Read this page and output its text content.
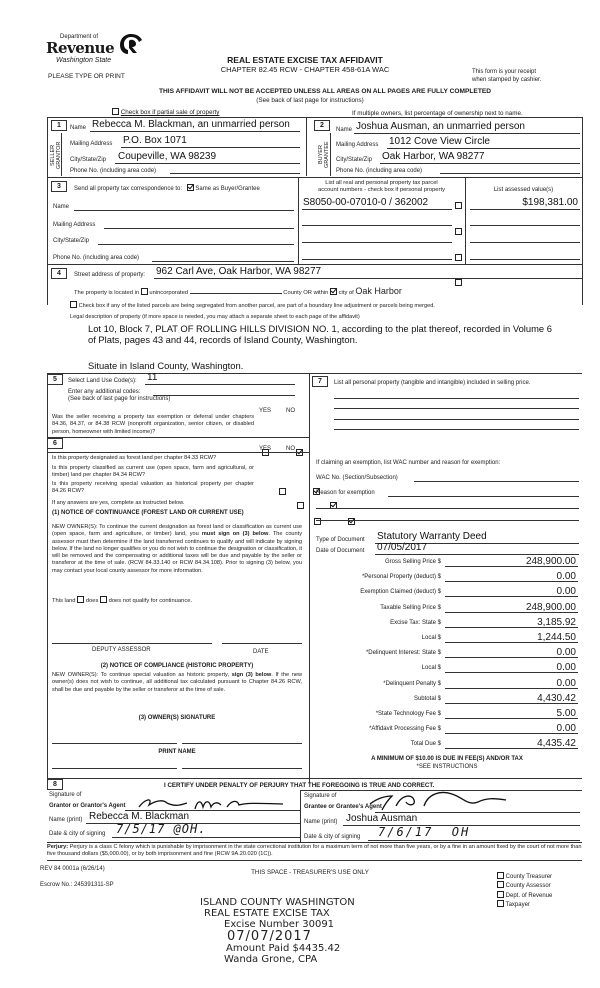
Department of
Revenue
Washington State
PLEASE TYPE OR PRINT
REAL ESTATE EXCISE TAX AFFIDAVIT
CHAPTER 82.45 RCW - CHAPTER 458-61A WAC	This form is your receipt
when stamped by cashier.
THIS AFFIDAVIT WILL NOT BE ACCEPTED UNLESS ALL AREAS ON ALL PAGES ARE FULLY COMPLETED
(See back of last page for instructions)
Check box if partial sale of property	If multiple owners, list percentage of ownership next to name.
1
SELLER
GRANTOR
Name Rebecca M. Blackman, an unmarried person
Mailing Address P.O. Box 1071
City/State/Zip Coupeville, WA 98239
Phone No. (including area code)
2
BUYER
GRANTEE
Name Joshua Ausman, an unmarried person
Mailing Address 1012 Cove View Circle
City/State/Zip Oak Harbor, WA 98277
Phone No. (including area code)
3	Send all property tax correspondence to: Same as Buyer/Grantee
Name
Mailing Address
City/State/Zip
Phone No. (including area code)
List all real and personal property tax parcel
account numbers - check box if personal property	List assessed value(s)
S8050-00-07010-0 / 362002	$198,381.00
4	Street address of property: 962 Carl Ave, Oak Harbor, WA 98277
The property is located in unincorporated	County OR within city of Oak Harbor
Check box if any of the listed parcels are being segregated from another parcel, are part of a boundary line adjustment or parcels being merged.
Legal description of property (if more space is needed, you may attach a separate sheet to each page of the affidavit)
Lot 10, Block 7, PLAT OF ROLLING HILLS DIVISION NO. 1, according to the plat thereof, recorded in Volume 6
of Plats, pages 43 and 44, records of Island County, Washington.
Situate in Island County, Washington.
5	Select Land Use Code(s): 11
Enter any additional codes:
(See back of last page for instructions)
YES NO
Was the seller receiving a property tax exemption or deferral under chapters 84.36, 84.37, or 84.38 RCW (nonprofit organization, senior citizen, or disabled person, homeowner with limited income)?

6
YES NO
Is this property designated as forest land per chapter 84.33 RCW?

Is this property classified as current use (open space, farm and agricultural, or timber) land per chapter 84.34 RCW?

Is this property receiving special valuation as historical property per chapter 84.26 RCW?

If any answers are yes, complete as instructed below.
(1) NOTICE OF CONTINUANCE (FOREST LAND OR CURRENT USE)
NEW OWNER(S): To continue the current designation as forest land or classification as current use (open space, farm and agriculture, or timber) land, you must sign on (3) below. The county assessor must then determine if the land transferred continues to qualify and will indicate by signing below. If the land no longer qualifies or you do not wish to continue the designation or classification, it will be removed and the compensating or additional taxes will be due and payable by the seller or transferor at the time of sale. (RCW 84.33.140 or RCW 84.34.108). Prior to signing (3) below, you may contact your local county assessor for more information.
This land does does not qualify for continuance.
DEPUTY ASSESSOR	DATE
(2) NOTICE OF COMPLIANCE (HISTORIC PROPERTY)
NEW OWNER(S): To continue special valuation as historic property, sign (3) below. If the new owner(s) does not wish to continue, all additional tax calculated pursuant to Chapter 84.26 RCW, shall be due and payable by the seller or transferor at the time of sale.
(3) OWNER(S) SIGNATURE
PRINT NAME
7	List all personal property (tangible and intangible) included in selling price.
If claiming an exemption, list WAC number and reason for exemption:
WAC No. (Section/Subsection)
Reason for exemption
Type of Document Statutory Warranty Deed
Date of Document 07/05/2017
Gross Selling Price $	248,900.00
*Personal Property (deduct) $	0.00
Exemption Claimed (deduct) $	0.00
Taxable Selling Price $	248,900.00
Excise Tax: State $	3,185.92
Local $	1,244.50
*Delinquent Interest: State $	0.00
Local $	0.00
*Delinquent Penalty $	0.00
Subtotal $	4,430.42
*State Technology Fee $	5.00
*Affidavit Processing Fee $	0.00
Total Due $	4,435.42
A MINIMUM OF $10.00 IS DUE IN FEE(S) AND/OR TAX
*SEE INSTRUCTIONS
8	I CERTIFY UNDER PENALTY OF PERJURY THAT THE FOREGOING IS TRUE AND CORRECT.
Signature of
Grantor or Grantor's Agent
Name (print) Rebecca M. Blackman
Date & city of signing 7/5/17 @OH.
Signature of
Grantee or Grantee's Agent
Name (print) Joshua Ausman
Date & city of signing 7/6/17  OH
Perjury: Perjury is a class C felony which is punishable by imprisonment in the state correctional institution for a maximum term of not more than five years, or by a fine in an amount fixed by the court of not more than five thousand dollars ($5,000.00), or by both imprisonment and fine (RCW 9A.20.020 (1C)).
REV 84 0001a (6/26/14)	THIS SPACE - TREASURER'S USE ONLY
Escrow No.: 245391311-SP
County Treasurer
County Assessor
Dept. of Revenue
Taxpayer
ISLAND COUNTY WASHINGTON
REAL ESTATE EXCISE TAX
Excise Number 30091
07/07/2017
Amount Paid $4435.42
Wanda Grone, CPA
